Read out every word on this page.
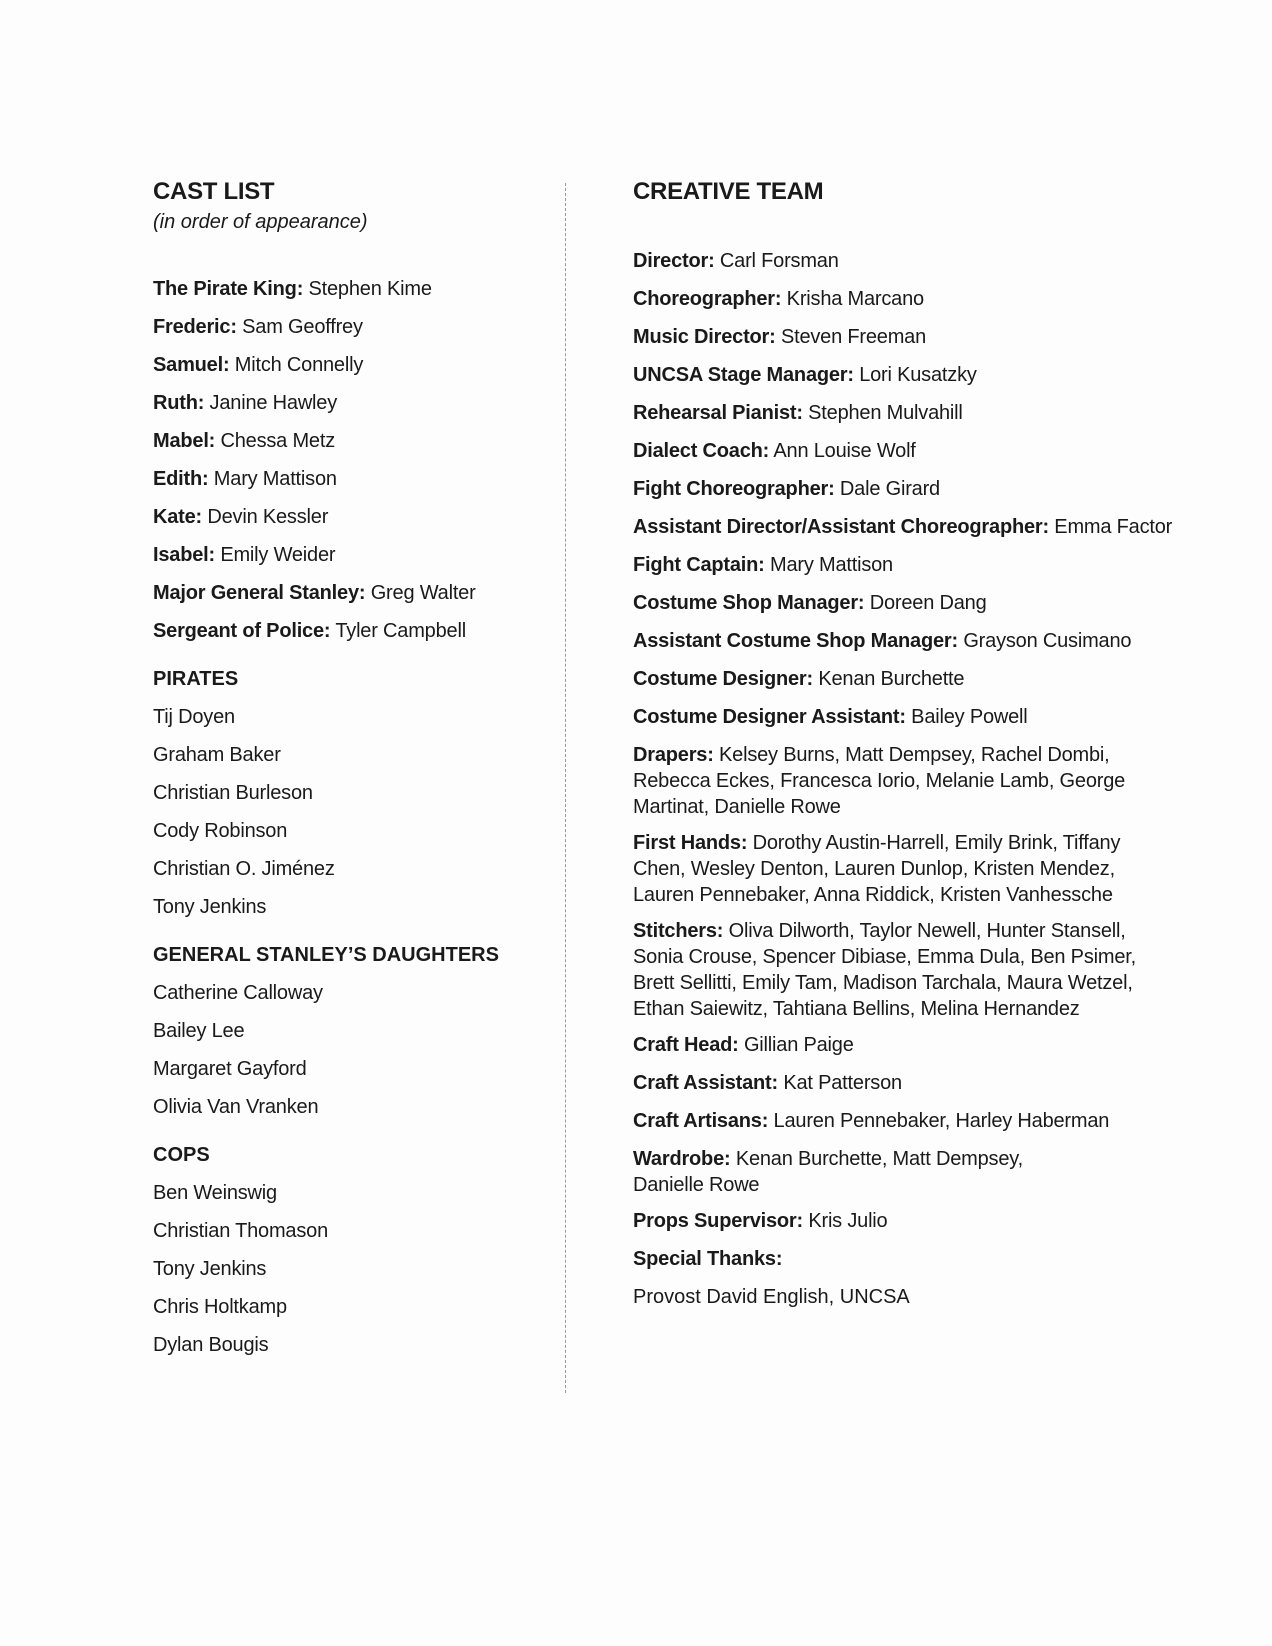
CAST LIST

(in order of appearance)

The Pirate King: Stephen Kime

Frederic: Sam Geoffrey

Samuel: Mitch Connelly

Ruth: Janine Hawley

Mabel: Chessa Metz

Edith: Mary Mattison

Kate: Devin Kessler

Isabel: Emily Weider

Major General Stanley: Greg Walter

Sergeant of Police: Tyler Campbell

PIRATES

Tij Doyen

Graham Baker

Christian Burleson

Cody Robinson

Christian O. Jiménez

Tony Jenkins

GENERAL STANLEY’S DAUGHTERS

Catherine Calloway

Bailey Lee

Margaret Gayford

Olivia Van Vranken

COPS

Ben Weinswig

Christian Thomason

Tony Jenkins

Chris Holtkamp

Dylan Bougis

CREATIVE TEAM

Director: Carl Forsman

Choreographer: Krisha Marcano

Music Director: Steven Freeman

UNCSA Stage Manager: Lori Kusatzky

Rehearsal Pianist: Stephen Mulvahill

Dialect Coach: Ann Louise Wolf

Fight Choreographer: Dale Girard

Assistant Director/Assistant Choreographer: Emma Factor

Fight Captain: Mary Mattison

Costume Shop Manager: Doreen Dang

Assistant Costume Shop Manager: Grayson Cusimano

Costume Designer: Kenan Burchette

Costume Designer Assistant: Bailey Powell

Drapers: Kelsey Burns, Matt Dempsey, Rachel Dombi,
Rebecca Eckes, Francesca Iorio, Melanie Lamb, George
Martinat, Danielle Rowe

First Hands: Dorothy Austin-Harrell, Emily Brink, Tiffany
Chen, Wesley Denton, Lauren Dunlop, Kristen Mendez,
Lauren Pennebaker, Anna Riddick, Kristen Vanhessche

Stitchers: Oliva Dilworth, Taylor Newell, Hunter Stansell,
Sonia Crouse, Spencer Dibiase, Emma Dula, Ben Psimer,
Brett Sellitti, Emily Tam, Madison Tarchala, Maura Wetzel,
Ethan Saiewitz, Tahtiana Bellins, Melina Hernandez

Craft Head: Gillian Paige

Craft Assistant: Kat Patterson

Craft Artisans: Lauren Pennebaker, Harley Haberman

Wardrobe: Kenan Burchette, Matt Dempsey,
Danielle Rowe

Props Supervisor: Kris Julio

Special Thanks:

Provost David English, UNCSA
